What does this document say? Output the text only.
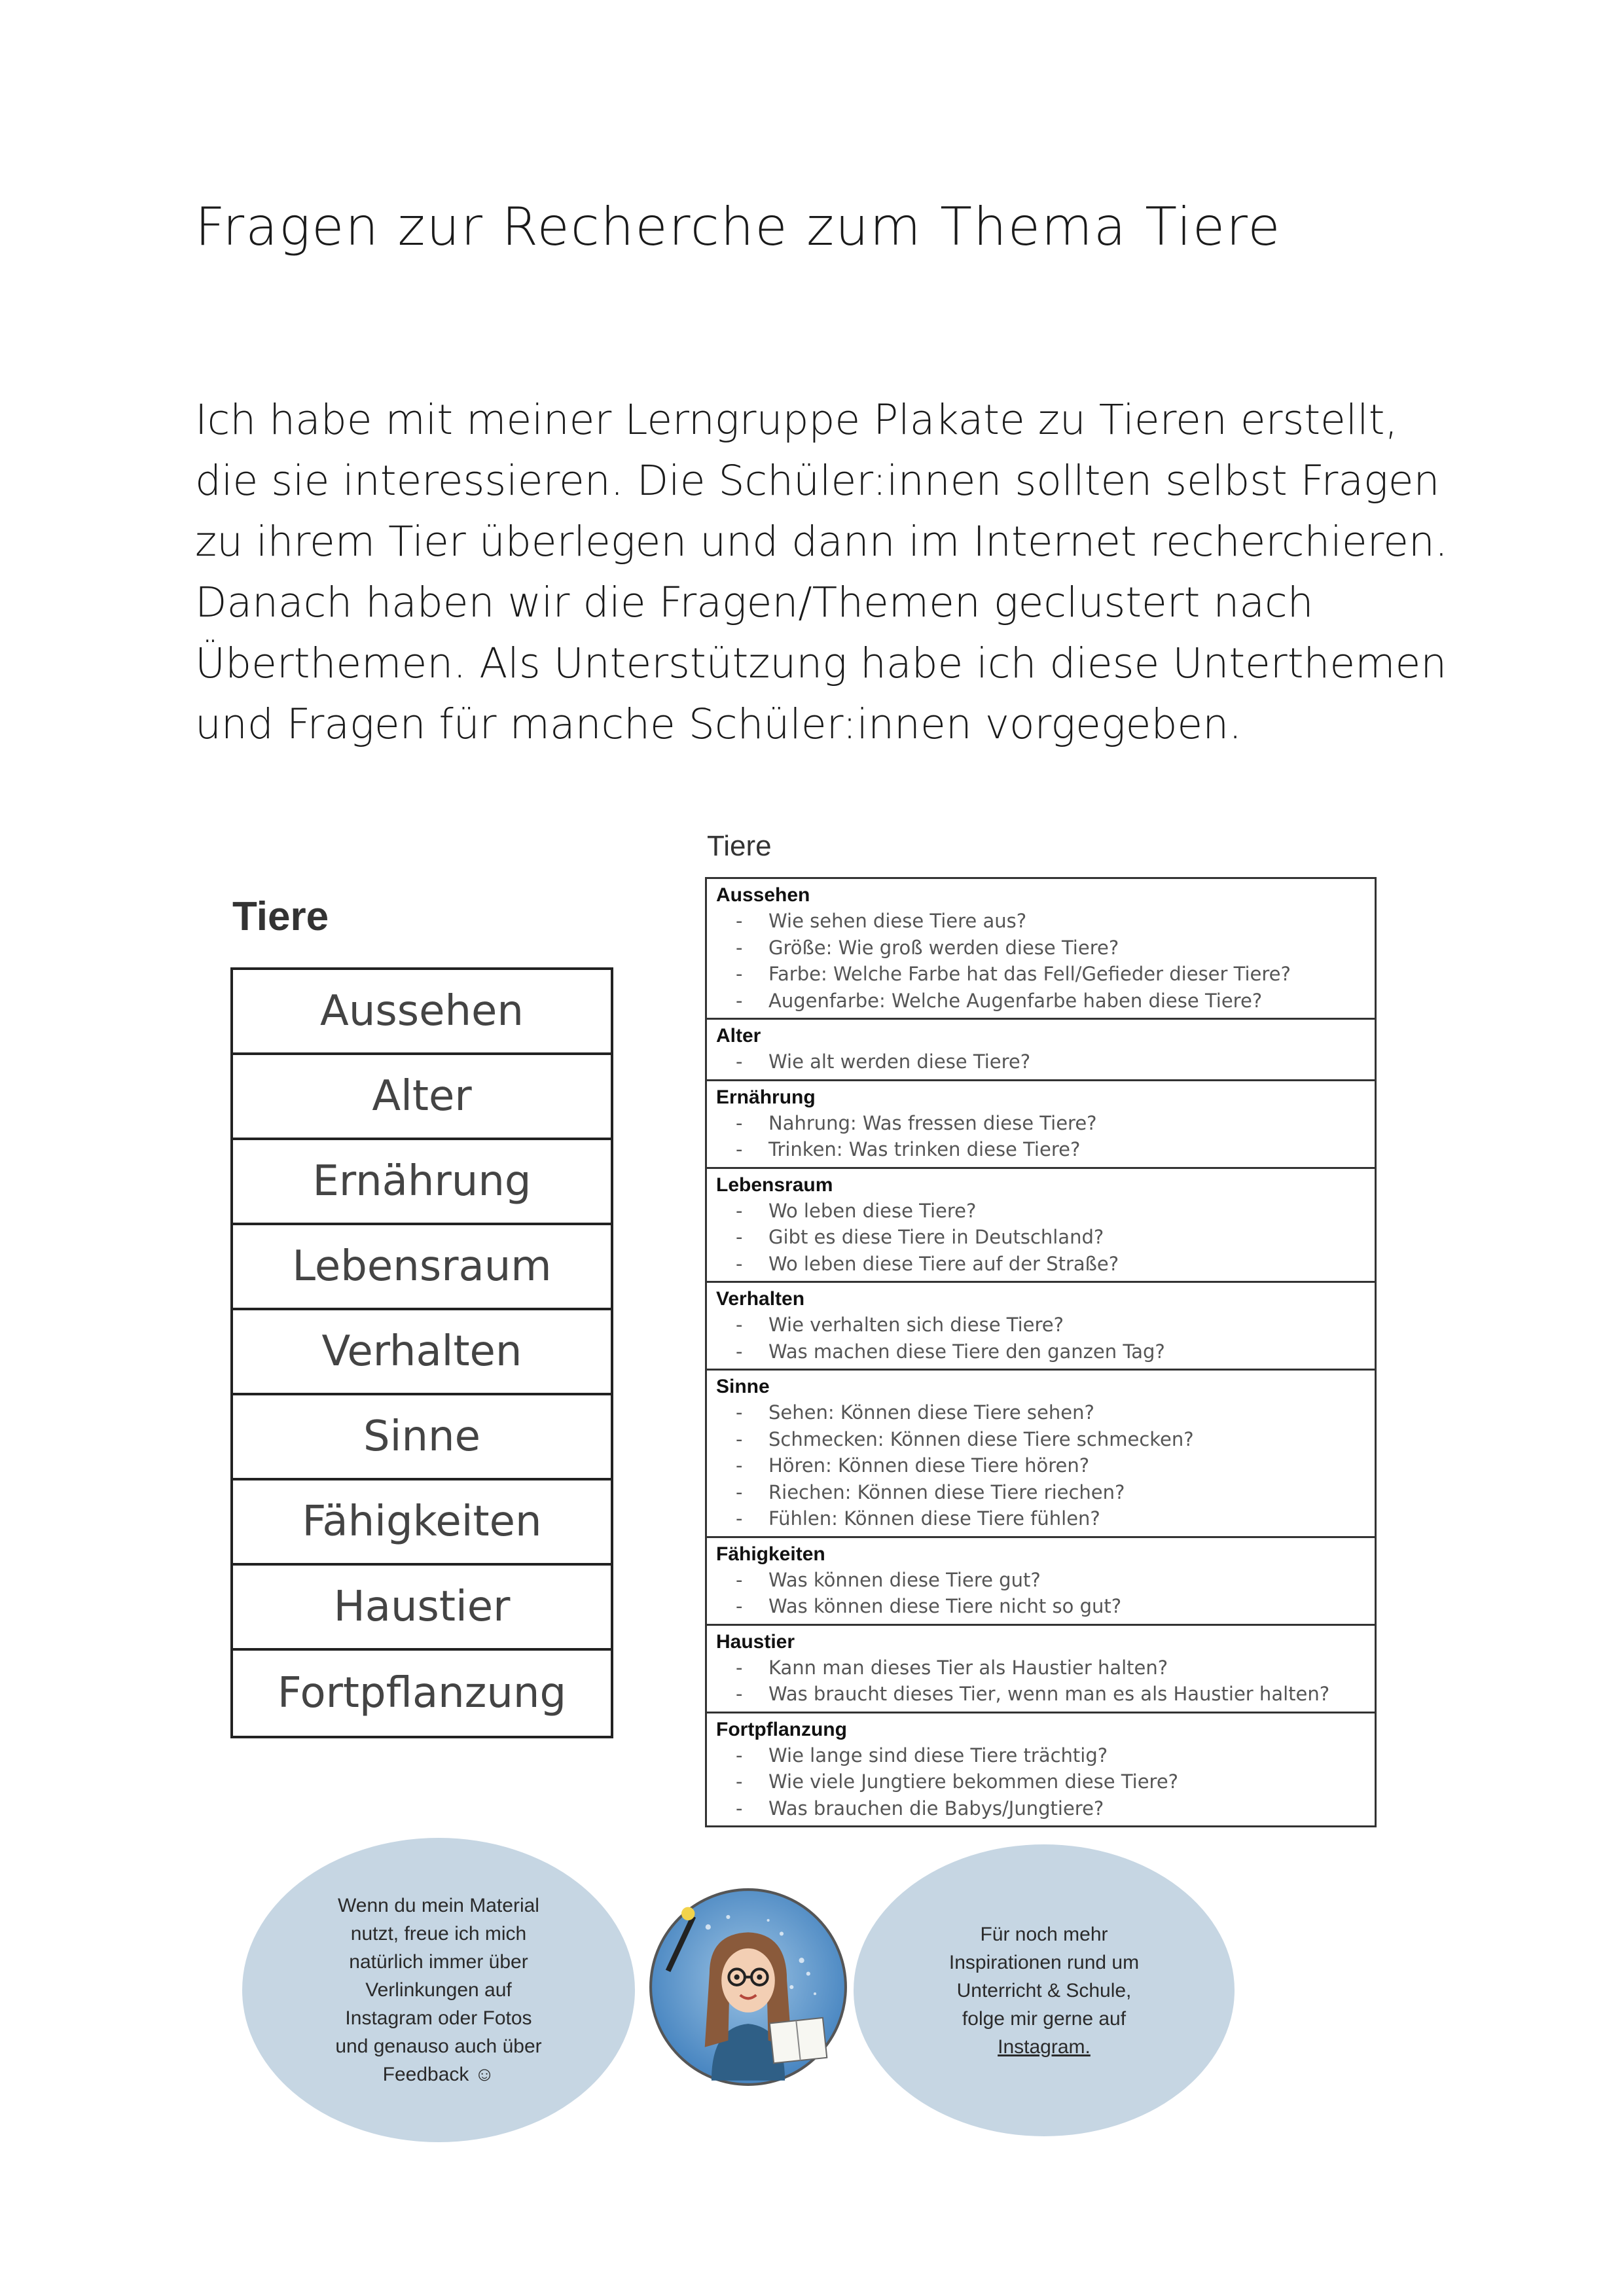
Fragen zur Recherche zum Thema Tiere

Ich habe mit meiner Lerngruppe Plakate zu Tieren erstellt, die sie interessieren. Die Schüler:innen sollten selbst Fragen zu ihrem Tier überlegen und dann im Internet recherchieren. Danach haben wir die Fragen/Themen geclustert nach Überthemen. Als Unterstützung habe ich diese Unterthemen und Fragen für manche Schüler:innen vorgegeben.

Tiere
Aussehen
Alter
Ernährung
Lebensraum
Verhalten
Sinne
Fähigkeiten
Haustier
Fortpflanzung
Tiere
Aussehen
- Wie sehen diese Tiere aus?
- Größe: Wie groß werden diese Tiere?
- Farbe: Welche Farbe hat das Fell/Gefieder dieser Tiere?
- Augenfarbe: Welche Augenfarbe haben diese Tiere?
Alter
- Wie alt werden diese Tiere?
Ernährung
- Nahrung: Was fressen diese Tiere?
- Trinken: Was trinken diese Tiere?
Lebensraum
- Wo leben diese Tiere?
- Gibt es diese Tiere in Deutschland?
- Wo leben diese Tiere auf der Straße?
Verhalten
- Wie verhalten sich diese Tiere?
- Was machen diese Tiere den ganzen Tag?
Sinne
- Sehen: Können diese Tiere sehen?
- Schmecken: Können diese Tiere schmecken?
- Hören: Können diese Tiere hören?
- Riechen: Können diese Tiere riechen?
- Fühlen: Können diese Tiere fühlen?
Fähigkeiten
- Was können diese Tiere gut?
- Was können diese Tiere nicht so gut?
Haustier
- Kann man dieses Tier als Haustier halten?
- Was braucht dieses Tier, wenn man es als Haustier halten?
Fortpflanzung
- Wie lange sind diese Tiere trächtig?
- Wie viele Jungtiere bekommen diese Tiere?
- Was brauchen die Babys/Jungtiere?
Wenn du mein Material
nutzt, freue ich mich
natürlich immer über
Verlinkungen auf
Instagram oder Fotos
und genauso auch über
Feedback ☺
Für noch mehr
Inspirationen rund um
Unterricht & Schule,
folge mir gerne auf
Instagram.
